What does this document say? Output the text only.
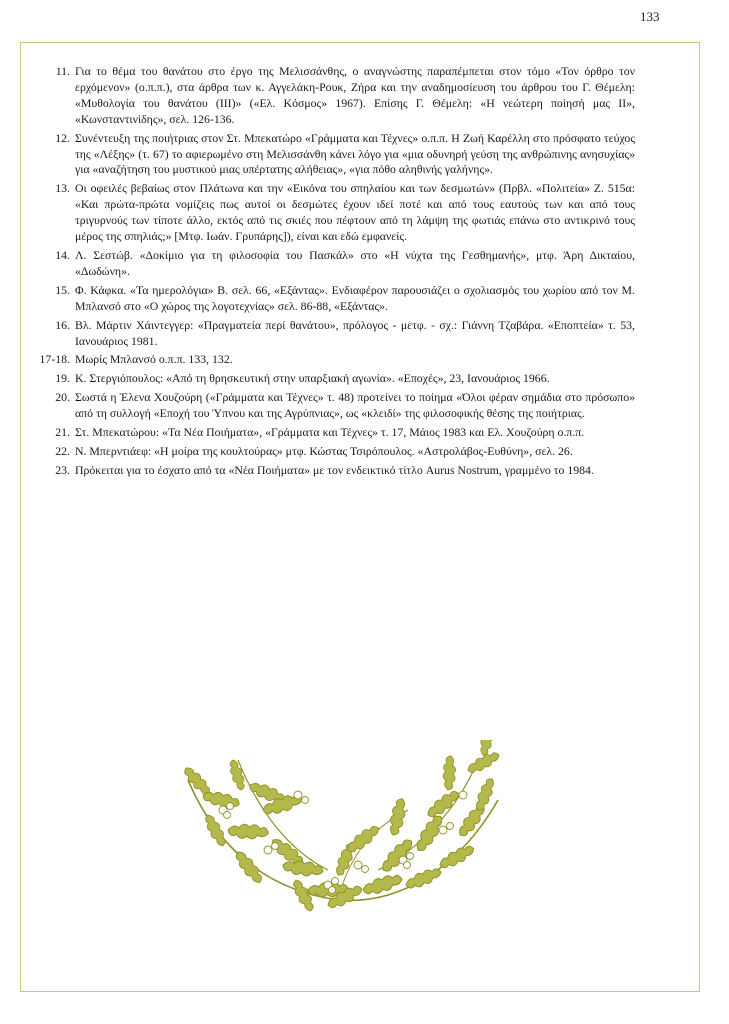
133
11. Για το θέμα του θανάτου στο έργο της Μελισσάνθης, ο αναγνώστης παραπέμπεται στον τόμο «Τον όρθρο τον ερχόμενον» (ο.π.π.), στα άρθρα των κ. Αγγελάκη-Ρουκ, Ζήρα και την αναδημοσίευση του άρθρου του Γ. Θέμελη: «Μυθολογία του θανάτου (ΙΙΙ)» («Ελ. Κόσμος» 1967). Επίσης Γ. Θέμελη: «Η νεώτερη ποίησή μας ΙΙ», «Κωνσταντινίδης», σελ. 126-136.
12. Συνέντευξη της ποιήτριας στον Στ. Μπεκατώρο «Γράμματα και Τέχνες» ο.π.π. Η Ζωή Καρέλλη στο πρόσφατο τεύχος της «Λέξης» (τ. 67) το αφιερωμένο στη Μελισσάνθη κάνει λόγο για «μια οδυνηρή γεύση της ανθρώπινης ανησυχίας» για «αναζήτηση του μυστικού μιας υπέρτατης αλήθειας», «για πόθο αληθινής γαλήνης».
13. Οι οφειλές βεβαίως στον Πλάτωνα και την «Εικόνα του σπηλαίου και των δεσμωτών» (Πρβλ. «Πολιτεία» Ζ. 515α: «Και πρώτα-πρώτα νομίζεις πως αυτοί οι δεσμώτες έχουν ιδεί ποτέ και από τους εαυτούς των και από τους τριγυρνούς των τίποτε άλλο, εκτός από τις σκιές που πέφτουν από τη λάμψη της φωτιάς επάνω στο αντικρινό τους μέρος της σπηλιάς;» [Μτφ. Ιωάν. Γρυπάρης]), είναι και εδώ εμφανείς.
14. Λ. Σεστώβ. «Δοκίμιο για τη φιλοσοφία του Πασκάλ» στο «Η νύχτα της Γεσθημανής», μτφ. Άρη Δικταίου, «Δωδώνη».
15. Φ. Κάφκα. «Τα ημερολόγια» Β. σελ. 66, «Εξάντας». Ενδιαφέρον παρουσιάζει ο σχολιασμός του χωρίου από τον Μ. Μπλανσό στο «Ο χώρος της λογοτεχνίας» σελ. 86-88, «Εξάντας».
16. Βλ. Μάρτιν Χάιντεγγερ: «Πραγματεία περί θανάτου», πρόλογος - μετφ. - σχ.: Γιάννη Τζαβάρα. «Εποπτεία» τ. 53, Ιανουάριος 1981.
17-18. Μωρίς Μπλανσό ο.π.π. 133, 132.
19. Κ. Στεργιόπουλος: «Από τη θρησκευτική στην υπαρξιακή αγωνία». «Εποχές», 23, Ιανουάριος 1966.
20. Σωστά η Έλενα Χουζούρη («Γράμματα και Τέχνες» τ. 48) προτείνει το ποίημα «Όλοι φέραν σημάδια στο πρόσωπο» από τη συλλογή «Εποχή του Ύπνου και της Αγρύπνιας», ως «κλειδί» της φιλοσοφικής θέσης της ποιήτριας.
21. Στ. Μπεκατώρου: «Τα Νέα Ποιήματα», «Γράμματα και Τέχνες» τ. 17, Μάιος 1983 και Ελ. Χουζούρη ο.π.π.
22. Ν. Μπερντιάεφ: «Η μοίρα της κουλτούρας» μτφ. Κώστας Τσιρόπουλος. «Αστρολάβος-Ευθύνη», σελ. 26.
23. Πρόκειται για το έσχατο από τα «Νέα Ποιήματα» με τον ενδεικτικό τίτλο Aurus Nostrum, γραμμένο το 1984.
